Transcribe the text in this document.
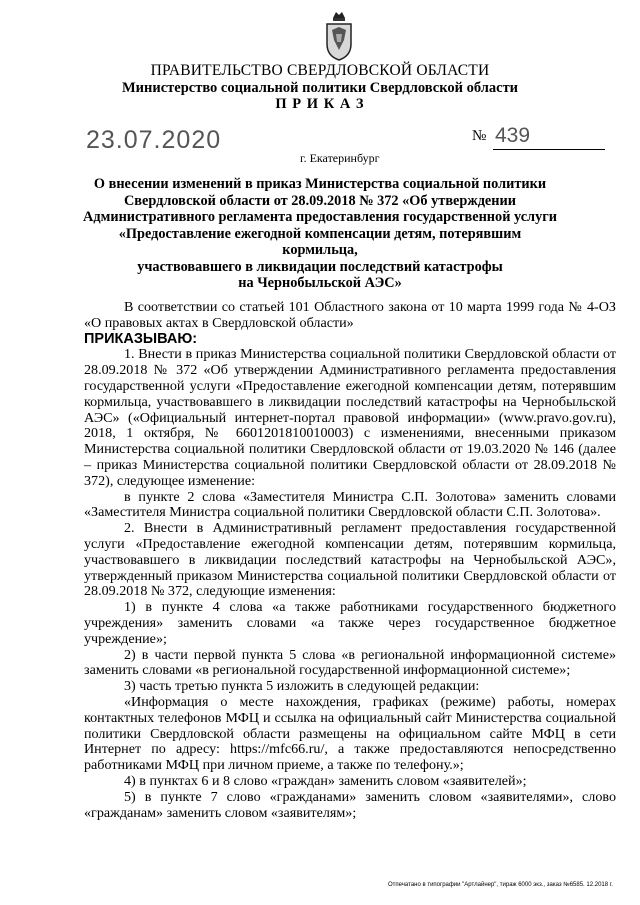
ПРАВИТЕЛЬСТВО СВЕРДЛОВСКОЙ ОБЛАСТИ
Министерство социальной политики Свердловской области
П Р И К А З
23.07.2020	№ 439
г. Екатеринбург
О внесении изменений в приказ Министерства социальной политики
Свердловской области от 28.09.2018 № 372 «Об утверждении
Административного регламента предоставления государственной услуги
«Предоставление ежегодной компенсации детям, потерявшим кормильца,
участвовавшего в ликвидации последствий катастрофы
на Чернобыльской АЭС»

В соответствии со статьей 101 Областного закона от 10 марта 1999 года № 4-ОЗ «О правовых актах в Свердловской области»

ПРИКАЗЫВАЮ:

1. Внести в приказ Министерства социальной политики Свердловской области от 28.09.2018 № 372 «Об утверждении Административного регламента предоставления государственной услуги «Предоставление ежегодной компенсации детям, потерявшим кормильца, участвовавшего в ликвидации последствий катастрофы на Чернобыльской АЭС» («Официальный интернет-портал правовой информации» (www.pravo.gov.ru), 2018, 1 октября, № 6601201810010003) с изменениями, внесенными приказом Министерства социальной политики Свердловской области от 19.03.2020 № 146 (далее – приказ Министерства социальной политики Свердловской области от 28.09.2018 № 372), следующее изменение:

в пункте 2 слова «Заместителя Министра С.П. Золотова» заменить словами «Заместителя Министра социальной политики Свердловской области С.П. Золотова».

2. Внести в Административный регламент предоставления государственной услуги «Предоставление ежегодной компенсации детям, потерявшим кормильца, участвовавшего в ликвидации последствий катастрофы на Чернобыльской АЭС», утвержденный приказом Министерства социальной политики Свердловской области от 28.09.2018 № 372, следующие изменения:

1) в пункте 4 слова «а также работниками государственного бюджетного учреждения» заменить словами «а также через государственное бюджетное учреждение»;

2) в части первой пункта 5 слова «в региональной информационной системе» заменить словами «в региональной государственной информационной системе»;

3) часть третью пункта 5 изложить в следующей редакции:

«Информация о месте нахождения, графиках (режиме) работы, номерах контактных телефонов МФЦ и ссылка на официальный сайт Министерства социальной политики Свердловской области размещены на официальном сайте МФЦ в сети Интернет по адресу: https://mfc66.ru/, а также предоставляются непосредственно работниками МФЦ при личном приеме, а также по телефону.»;

4) в пунктах 6 и 8 слово «граждан» заменить словом «заявителей»;

5) в пункте 7 слово «гражданами» заменить словом «заявителями», слово «гражданам» заменить словом «заявителям»;

Отпечатано в типографии "Артлайнер", тираж 6000 экз., заказ №6585. 12.2018 г.
